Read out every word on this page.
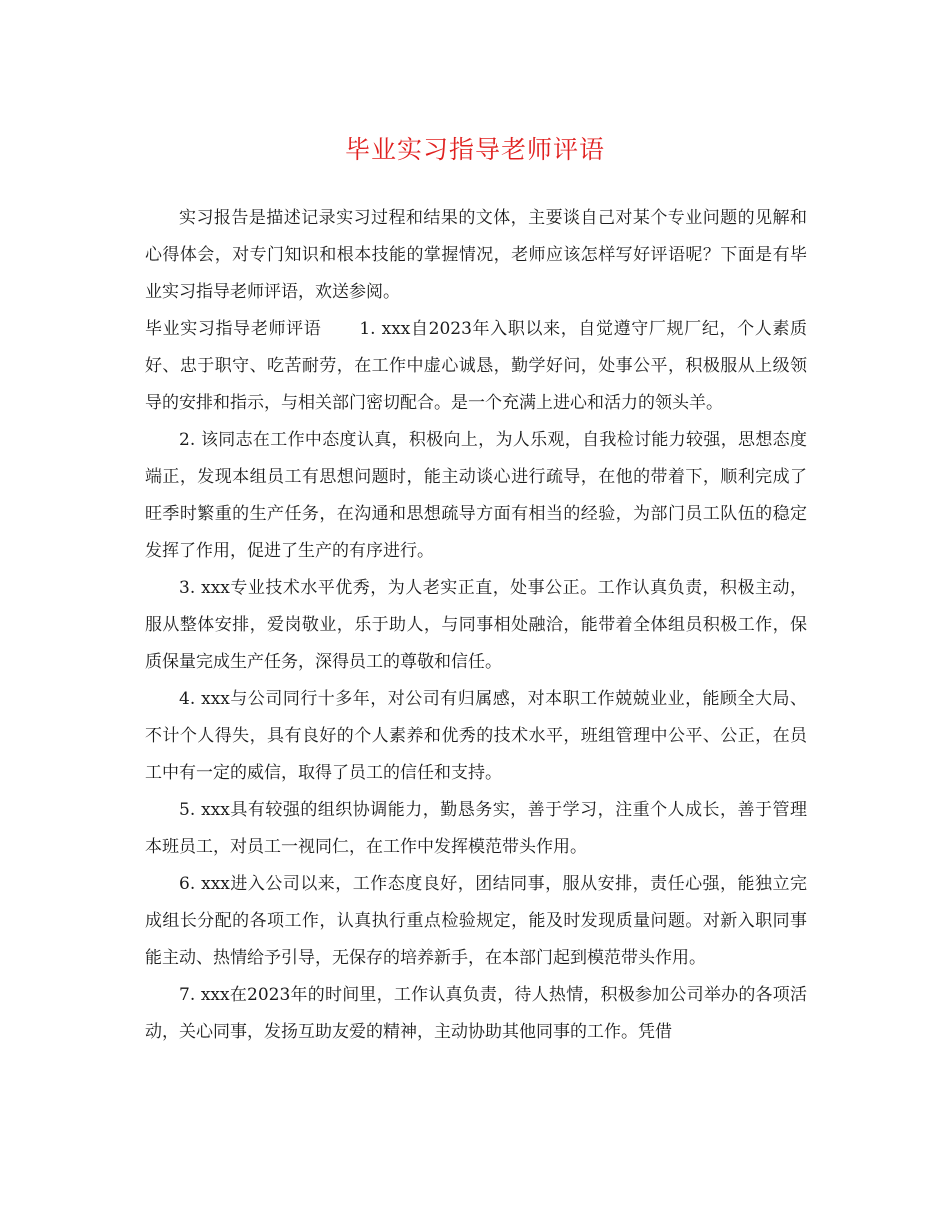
毕业实习指导老师评语

实习报告是描述记录实习过程和结果的文体，主要谈自己对某个专业问题的见解和心得体会，对专门知识和根本技能的掌握情况，老师应该怎样写好评语呢？下面是有毕业实习指导老师评语，欢送参阅。

毕业实习指导老师评语 1. xxx自2023年入职以来，自觉遵守厂规厂纪，个人素质好、忠于职守、吃苦耐劳，在工作中虚心诚恳，勤学好问，处事公平，积极服从上级领导的安排和指示，与相关部门密切配合。是一个充满上进心和活力的领头羊。

2. 该同志在工作中态度认真，积极向上，为人乐观，自我检讨能力较强，思想态度端正，发现本组员工有思想问题时，能主动谈心进行疏导，在他的带着下，顺利完成了旺季时繁重的生产任务，在沟通和思想疏导方面有相当的经验，为部门员工队伍的稳定发挥了作用，促进了生产的有序进行。

3. xxx专业技术水平优秀，为人老实正直，处事公正。工作认真负责，积极主动，服从整体安排，爱岗敬业，乐于助人，与同事相处融洽，能带着全体组员积极工作，保质保量完成生产任务，深得员工的尊敬和信任。

4. xxx与公司同行十多年，对公司有归属感，对本职工作兢兢业业，能顾全大局、不计个人得失，具有良好的个人素养和优秀的技术水平，班组管理中公平、公正，在员工中有一定的威信，取得了员工的信任和支持。

5. xxx具有较强的组织协调能力，勤恳务实，善于学习，注重个人成长，善于管理本班员工，对员工一视同仁，在工作中发挥模范带头作用。

6. xxx进入公司以来，工作态度良好，团结同事，服从安排，责任心强，能独立完成组长分配的各项工作，认真执行重点检验规定，能及时发现质量问题。对新入职同事能主动、热情给予引导，无保存的培养新手，在本部门起到模范带头作用。

7. xxx在2023年的时间里，工作认真负责，待人热情，积极参加公司举办的各项活动，关心同事，发扬互助友爱的精神，主动协助其他同事的工作。凭借
